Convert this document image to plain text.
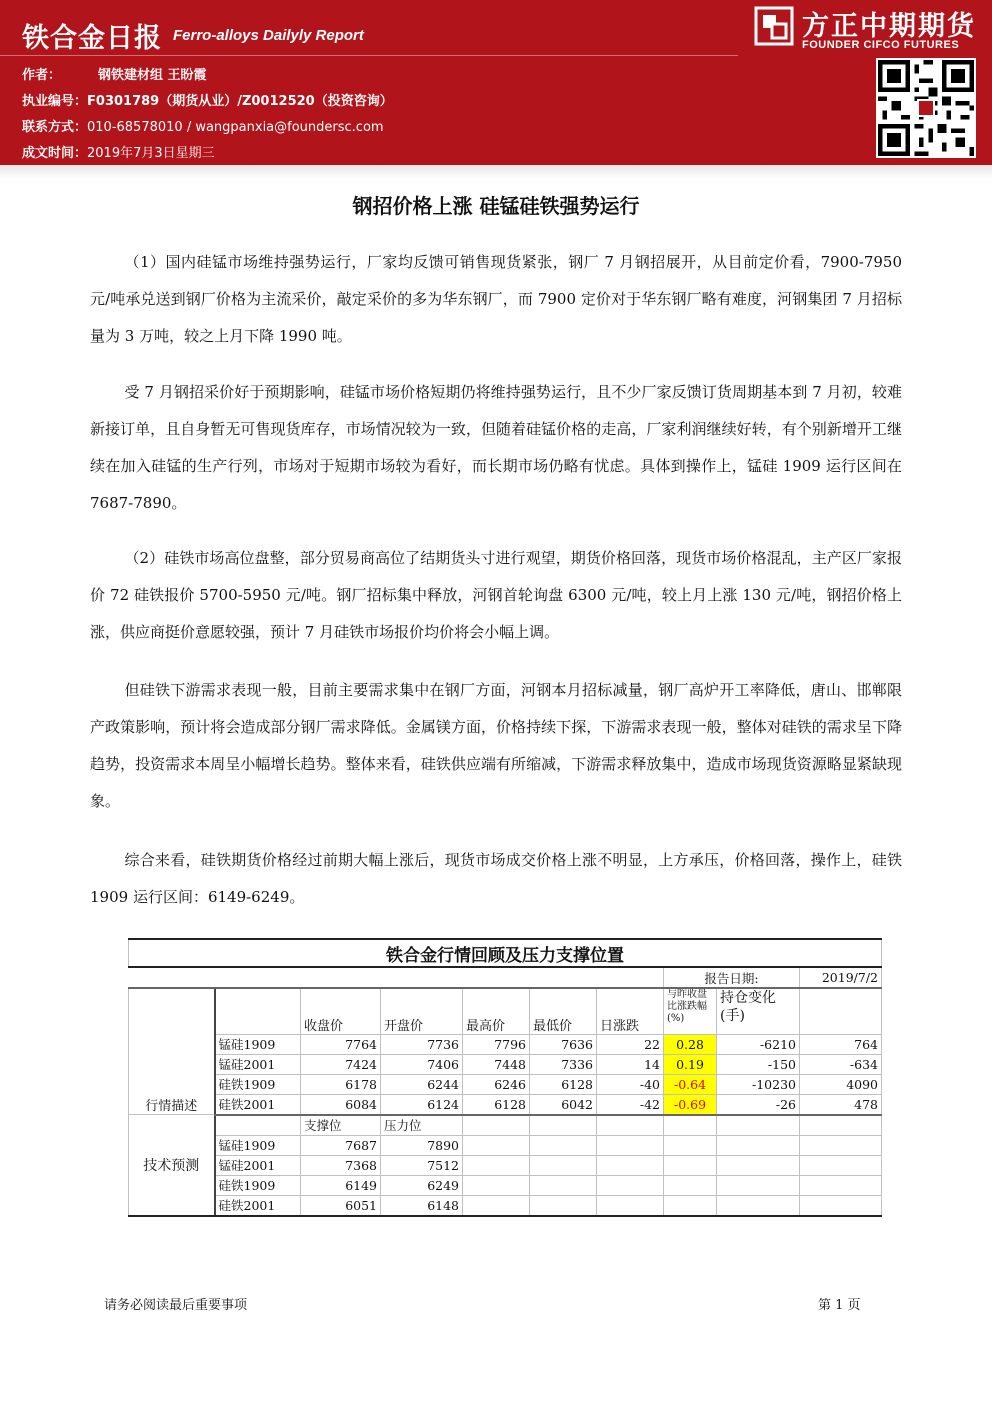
铁合金日报 Ferro-alloys Dailyly Report
作者：	钢铁建材组 王盼霞
执业编号：F0301789（期货从业）/Z0012520（投资咨询）
联系方式：010-68578010 / wangpanxia@foundersc.com
成文时间：2019年7月3日星期三
方正中期期货
FOUNDER CIFCO FUTURES
钢招价格上涨 硅锰硅铁强势运行

（1）国内硅锰市场维持强势运行，厂家均反馈可销售现货紧张，钢厂 7 月钢招展开，从目前定价看，7900-7950 元/吨承兑送到钢厂价格为主流采价，敲定采价的多为华东钢厂，而 7900 定价对于华东钢厂略有难度，河钢集团 7 月招标量为 3 万吨，较之上月下降 1990 吨。

受 7 月钢招采价好于预期影响，硅锰市场价格短期仍将维持强势运行，且不少厂家反馈订货周期基本到 7 月初，较难新接订单，且自身暂无可售现货库存，市场情况较为一致，但随着硅锰价格的走高，厂家利润继续好转，有个别新增开工继续在加入硅锰的生产行列，市场对于短期市场较为看好，而长期市场仍略有忧虑。具体到操作上，锰硅 1909 运行区间在 7687-7890。

（2）硅铁市场高位盘整，部分贸易商高位了结期货头寸进行观望，期货价格回落，现货市场价格混乱，主产区厂家报价 72 硅铁报价 5700-5950 元/吨。钢厂招标集中释放，河钢首轮询盘 6300 元/吨，较上月上涨 130 元/吨，钢招价格上涨，供应商挺价意愿较强，预计 7 月硅铁市场报价均价将会小幅上调。

但硅铁下游需求表现一般，目前主要需求集中在钢厂方面，河钢本月招标减量，钢厂高炉开工率降低，唐山、邯郸限产政策影响，预计将会造成部分钢厂需求降低。金属镁方面，价格持续下探，下游需求表现一般，整体对硅铁的需求呈下降趋势，投资需求本周呈小幅增长趋势。整体来看，硅铁供应端有所缩减，下游需求释放集中，造成市场现货资源略显紧缺现象。

综合来看，硅铁期货价格经过前期大幅上涨后，现货市场成交价格上涨不明显，上方承压，价格回落，操作上，硅铁 1909 运行区间：6149-6249。

铁合金行情回顾及压力支撑位置									
							报告日期:		2019/7/2
行情描述		收盘价	开盘价	最高价	最低价	日涨跌	与昨收盘比涨跌幅(%)	持仓变化(手)	
	锰硅1909	7764	7736	7796	7636	22	0.28	-6210	764
	锰硅2001	7424	7406	7448	7336	14	0.19	-150	-634
	硅铁1909	6178	6244	6246	6128	-40	-0.64	-10230	4090
	硅铁2001	6084	6124	6128	6042	-42	-0.69	-26	478
技术预测		支撑位	压力位						
	锰硅1909	7687	7890						
	锰硅2001	7368	7512						
	硅铁1909	6149	6249						
	硅铁2001	6051	6148						
请务必阅读最后重要事项	第 1 页
